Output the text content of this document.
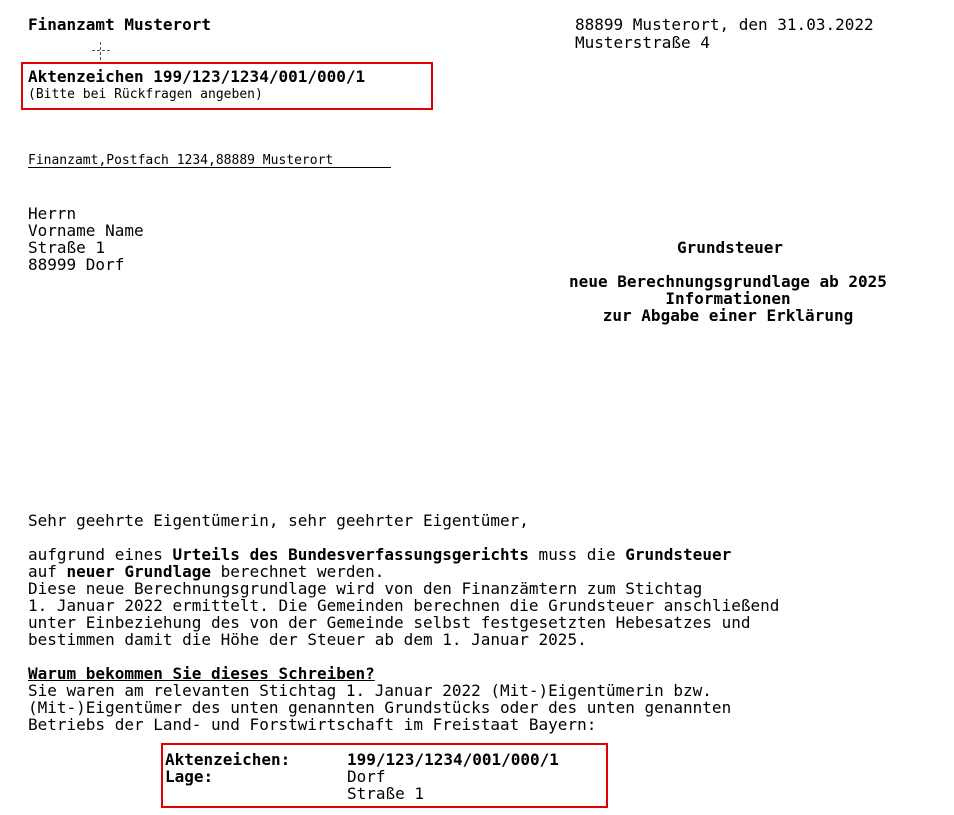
Finanzamt Musterort	88899 Musterort, den 31.03.2022
Musterstraße 4
Aktenzeichen 199/123/1234/001/000/1
(Bitte bei Rückfragen angeben)
Finanzamt,Postfach 1234,88889 Musterort
Herrn
Vorname Name
Straße 1
88999 Dorf
Grundsteuer
neue Berechnungsgrundlage ab 2025
Informationen
zur Abgabe einer Erklärung
Sehr geehrte Eigentümerin, sehr geehrter Eigentümer,
aufgrund eines Urteils des Bundesverfassungsgerichts muss die Grundsteuer
auf neuer Grundlage berechnet werden.
Diese neue Berechnungsgrundlage wird von den Finanzämtern zum Stichtag
1. Januar 2022 ermittelt. Die Gemeinden berechnen die Grundsteuer anschließend
unter Einbeziehung des von der Gemeinde selbst festgesetzten Hebesatzes und
bestimmen damit die Höhe der Steuer ab dem 1. Januar 2025.
Warum bekommen Sie dieses Schreiben?
Sie waren am relevanten Stichtag 1. Januar 2022 (Mit-)Eigentümerin bzw.
(Mit-)Eigentümer des unten genannten Grundstücks oder des unten genannten
Betriebs der Land- und Forstwirtschaft im Freistaat Bayern:
Aktenzeichen:	199/123/1234/001/000/1
Lage:	Dorf
Straße 1
